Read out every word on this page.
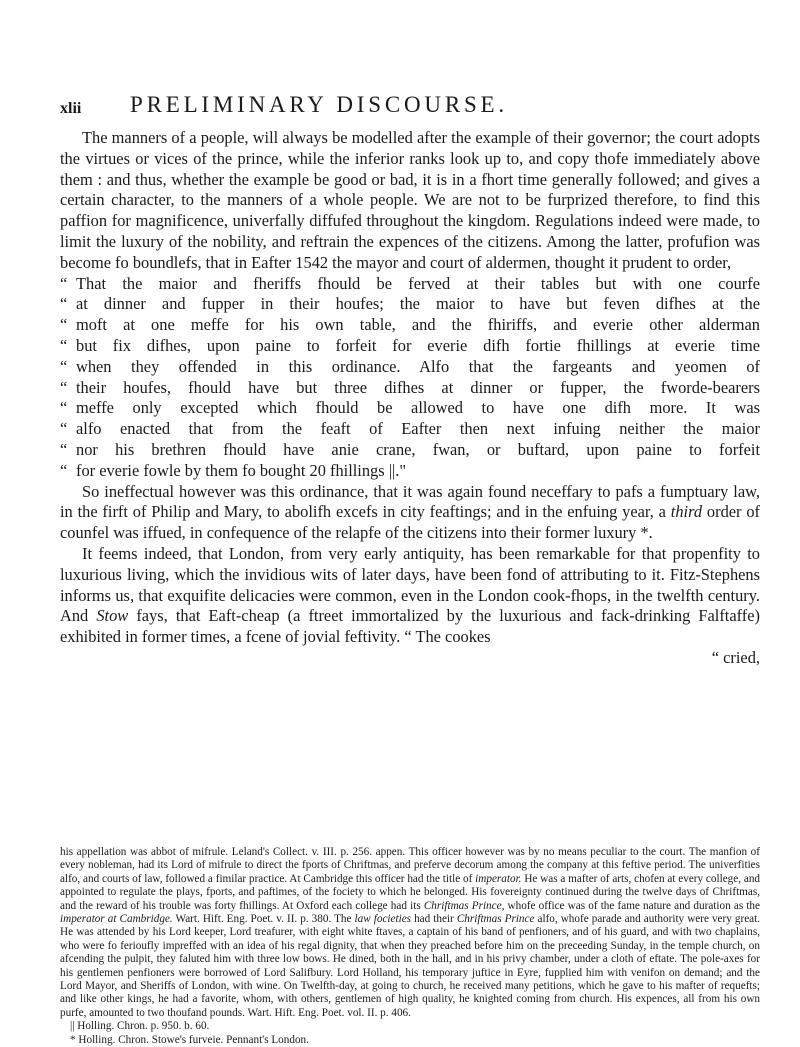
xlii PRELIMINARY DISCOURSE.

The manners of a people, will always be modelled after the example of their governor; the court adopts the virtues or vices of the prince, while the inferior ranks look up to, and copy thofe immediately above them : and thus, whether the example be good or bad, it is in a fhort time generally followed; and gives a certain character, to the manners of a whole people. We are not to be furprized therefore, to find this paffion for magnificence, univerfally diffufed throughout the kingdom. Regulations indeed were made, to limit the luxury of the nobility, and reftrain the expences of the citizens. Among the latter, profufion was become fo boundlefs, that in Eafter 1542 the mayor and court of aldermen, thought it prudent to order,

“ That the maior and fheriffs fhould be ferved at their tables but with one courfe
“ at dinner and fupper in their houfes; the maior to have but feven difhes at the
“ moft at one meffe for his own table, and the fhiriffs, and everie other alderman
“ but fix difhes, upon paine to forfeit for everie difh fortie fhillings at everie time
“ when they offended in this ordinance. Alfo that the fargeants and yeomen of
“ their houfes, fhould have but three difhes at dinner or fupper, the fworde-bearers
“ meffe only excepted which fhould be allowed to have one difh more. It was
“ alfo enacted that from the feaft of Eafter then next infuing neither the maior
“ nor his brethren fhould have anie crane, fwan, or buftard, upon paine to forfeit
“ for everie fowle by them fo bought 20 fhillings ||."

So ineffectual however was this ordinance, that it was again found neceffary to pafs a fumptuary law, in the firft of Philip and Mary, to abolifh excefs in city feaftings; and in the enfuing year, a third order of counfel was iffued, in confequence of the relapfe of the citizens into their former luxury *.

It feems indeed, that London, from very early antiquity, has been remarkable for that propenfity to luxurious living, which the invidious wits of later days, have been fond of attributing to it. Fitz-Stephens informs us, that exquifite delicacies were common, even in the London cook-fhops, in the twelfth century. And Stow fays, that Eaft-cheap (a ftreet immortalized by the luxurious and fack-drinking Falftaffe) exhibited in former times, a fcene of jovial feftivity. “ The cookes

“ cried,

his appellation was abbot of mifrule. Leland's Collect. v. III. p. 256. appen. This officer however was by no means peculiar to the court. The manfion of every nobleman, had its Lord of mifrule to direct the fports of Chriftmas, and preferve decorum among the company at this feftive period. The univerfities alfo, and courts of law, followed a fimilar practice. At Cambridge this officer had the title of imperator. He was a mafter of arts, chofen at every college, and appointed to regulate the plays, fports, and paftimes, of the fociety to which he belonged. His fovereignty continued during the twelve days of Chriftmas, and the reward of his trouble was forty fhillings. At Oxford each college had its Chriftmas Prince, whofe office was of the fame nature and duration as the imperator at Cambridge. Wart. Hift. Eng. Poet. v. II. p. 380. The law focieties had their Chriftmas Prince alfo, whofe parade and authority were very great. He was attended by his Lord keeper, Lord treafurer, with eight white ftaves, a captain of his band of penfioners, and of his guard, and with two chaplains, who were fo ferioufly impreffed with an idea of his regal dignity, that when they preached before him on the preceeding Sunday, in the temple church, on afcending the pulpit, they faluted him with three low bows. He dined, both in the hall, and in his privy chamber, under a cloth of eftate. The pole-axes for his gentlemen penfioners were borrowed of Lord Salifbury. Lord Holland, his temporary juftice in Eyre, fupplied him with venifon on demand; and the Lord Mayor, and Sheriffs of London, with wine. On Twelfth-day, at going to church, he received many petitions, which he gave to his mafter of requefts; and like other kings, he had a favorite, whom, with others, gentlemen of high quality, he knighted coming from church. His expences, all from his own purfe, amounted to two thoufand pounds. Wart. Hift. Eng. Poet. vol. II. p. 406.

|| Holling. Chron. p. 950. b. 60.

* Holling. Chron. Stowe's furveie. Pennant's London.
